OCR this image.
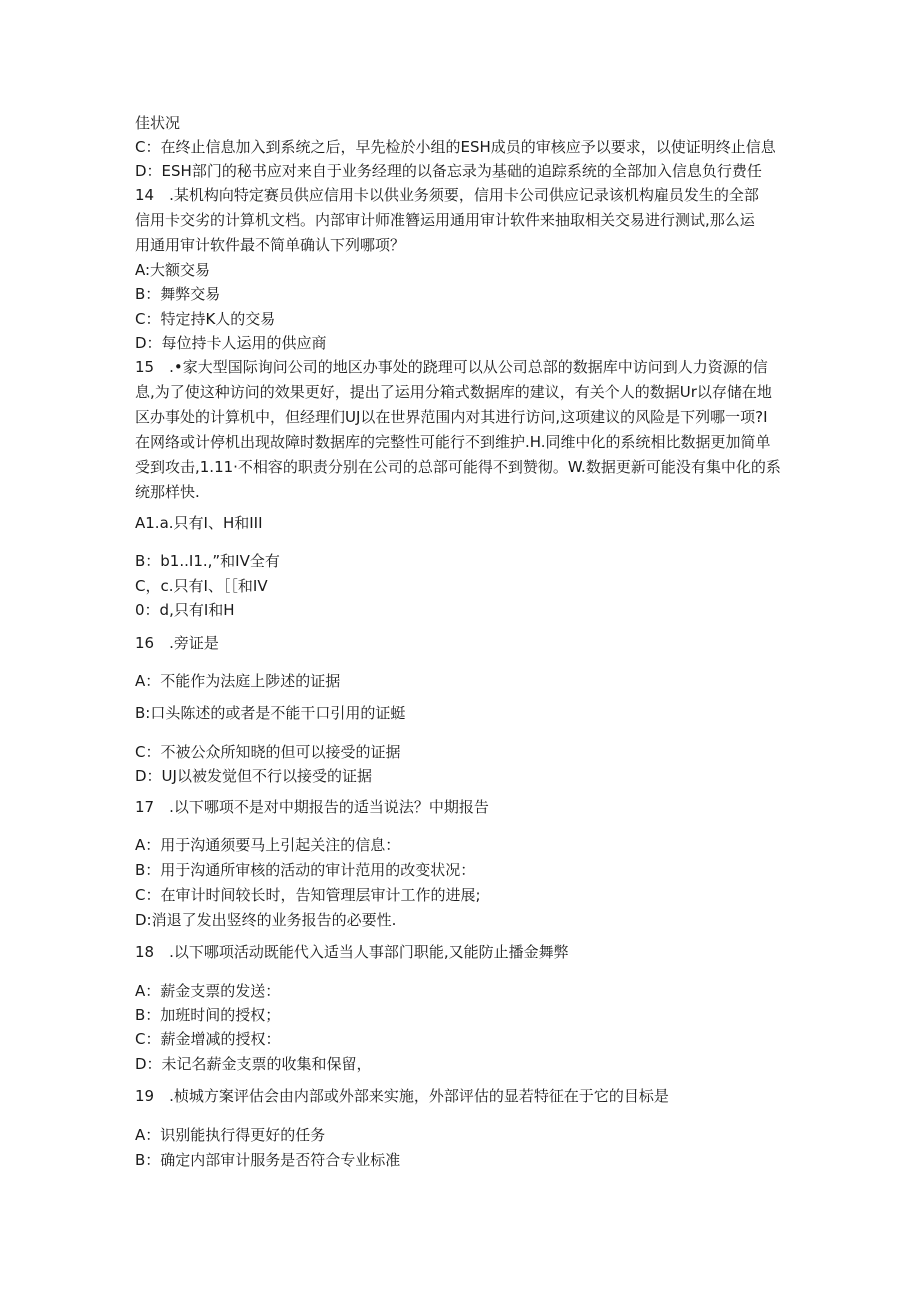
佳状况
C：在终止信息加入到系统之后，早先检於小组的ESH成员的审核应予以要求，以使证明终止信息
D：ESH部门的秘书应对来自于业务经理的以备忘录为基础的追踪系统的全部加入信息负行费任
14　.某机构向特定赛员供应信用卡以供业务须要，信用卡公司供应记录该机构雇员发生的全部
信用卡交劣的计算机文档。内部审计师准簪运用通用审计软件来抽取相关交易进行测试,那么运
用通用审计软件最不简单确认下列哪项？
A:大额交易
B：舞弊交易
C：特定持K人的交易
D：每位持卡人运用的供应商
15　.•家大型国际询问公司的地区办事处的跷理可以从公司总部的数据库中访问到人力资源的信
息,为了使这种访问的效果更好，提出了运用分箱式数据库的建议，有关个人的数据Ur以存储在地
区办事处的计算机中，但经理们UJ以在世界范围内对其进行访问,这项建议的风险是下列哪一项?I
在网络或计停机出现故障时数据库的完整性可能行不到维护.H.同维中化的系统相比数据更加简单
受到攻击,1.11·不相容的职责分别在公司的总部可能得不到赞彻。W.数据更新可能没有集中化的系
统那样快.
A1.a.只有I、H和III
B：b1..I1.,”和IV全有
C，c.只有I、［［和IV
0：d,只有I和H
16　.旁证是
A：不能作为法庭上陟述的证据
B:口头陈述的或者是不能干口引用的证蜓
C：不被公众所知晓的但可以接受的证据
D：UJ以被发觉但不行以接受的证据
17　.以下哪项不是对中期报告的适当说法？中期报告
A：用于沟通须要马上引起关注的信息：
B：用于沟通所审核的活动的审计范用的改变状况：
C：在审计时间较长时，告知管理层审计工作的进展;
D:消退了发出竖终的业务报告的必要性.
18　.以下哪项活动既能代入适当人事部门职能,又能防止播金舞弊
A：薪金支票的发送：
B：加班时间的授权；
C：薪金增减的授权：
D：未记名薪金支票的收集和保留，
19　.桢城方案评估会由内部或外部来实施，外部评估的显若特征在于它的目标是
A：识别能执行得更好的任务
B：确定内部审计服务是否符合专业标准
